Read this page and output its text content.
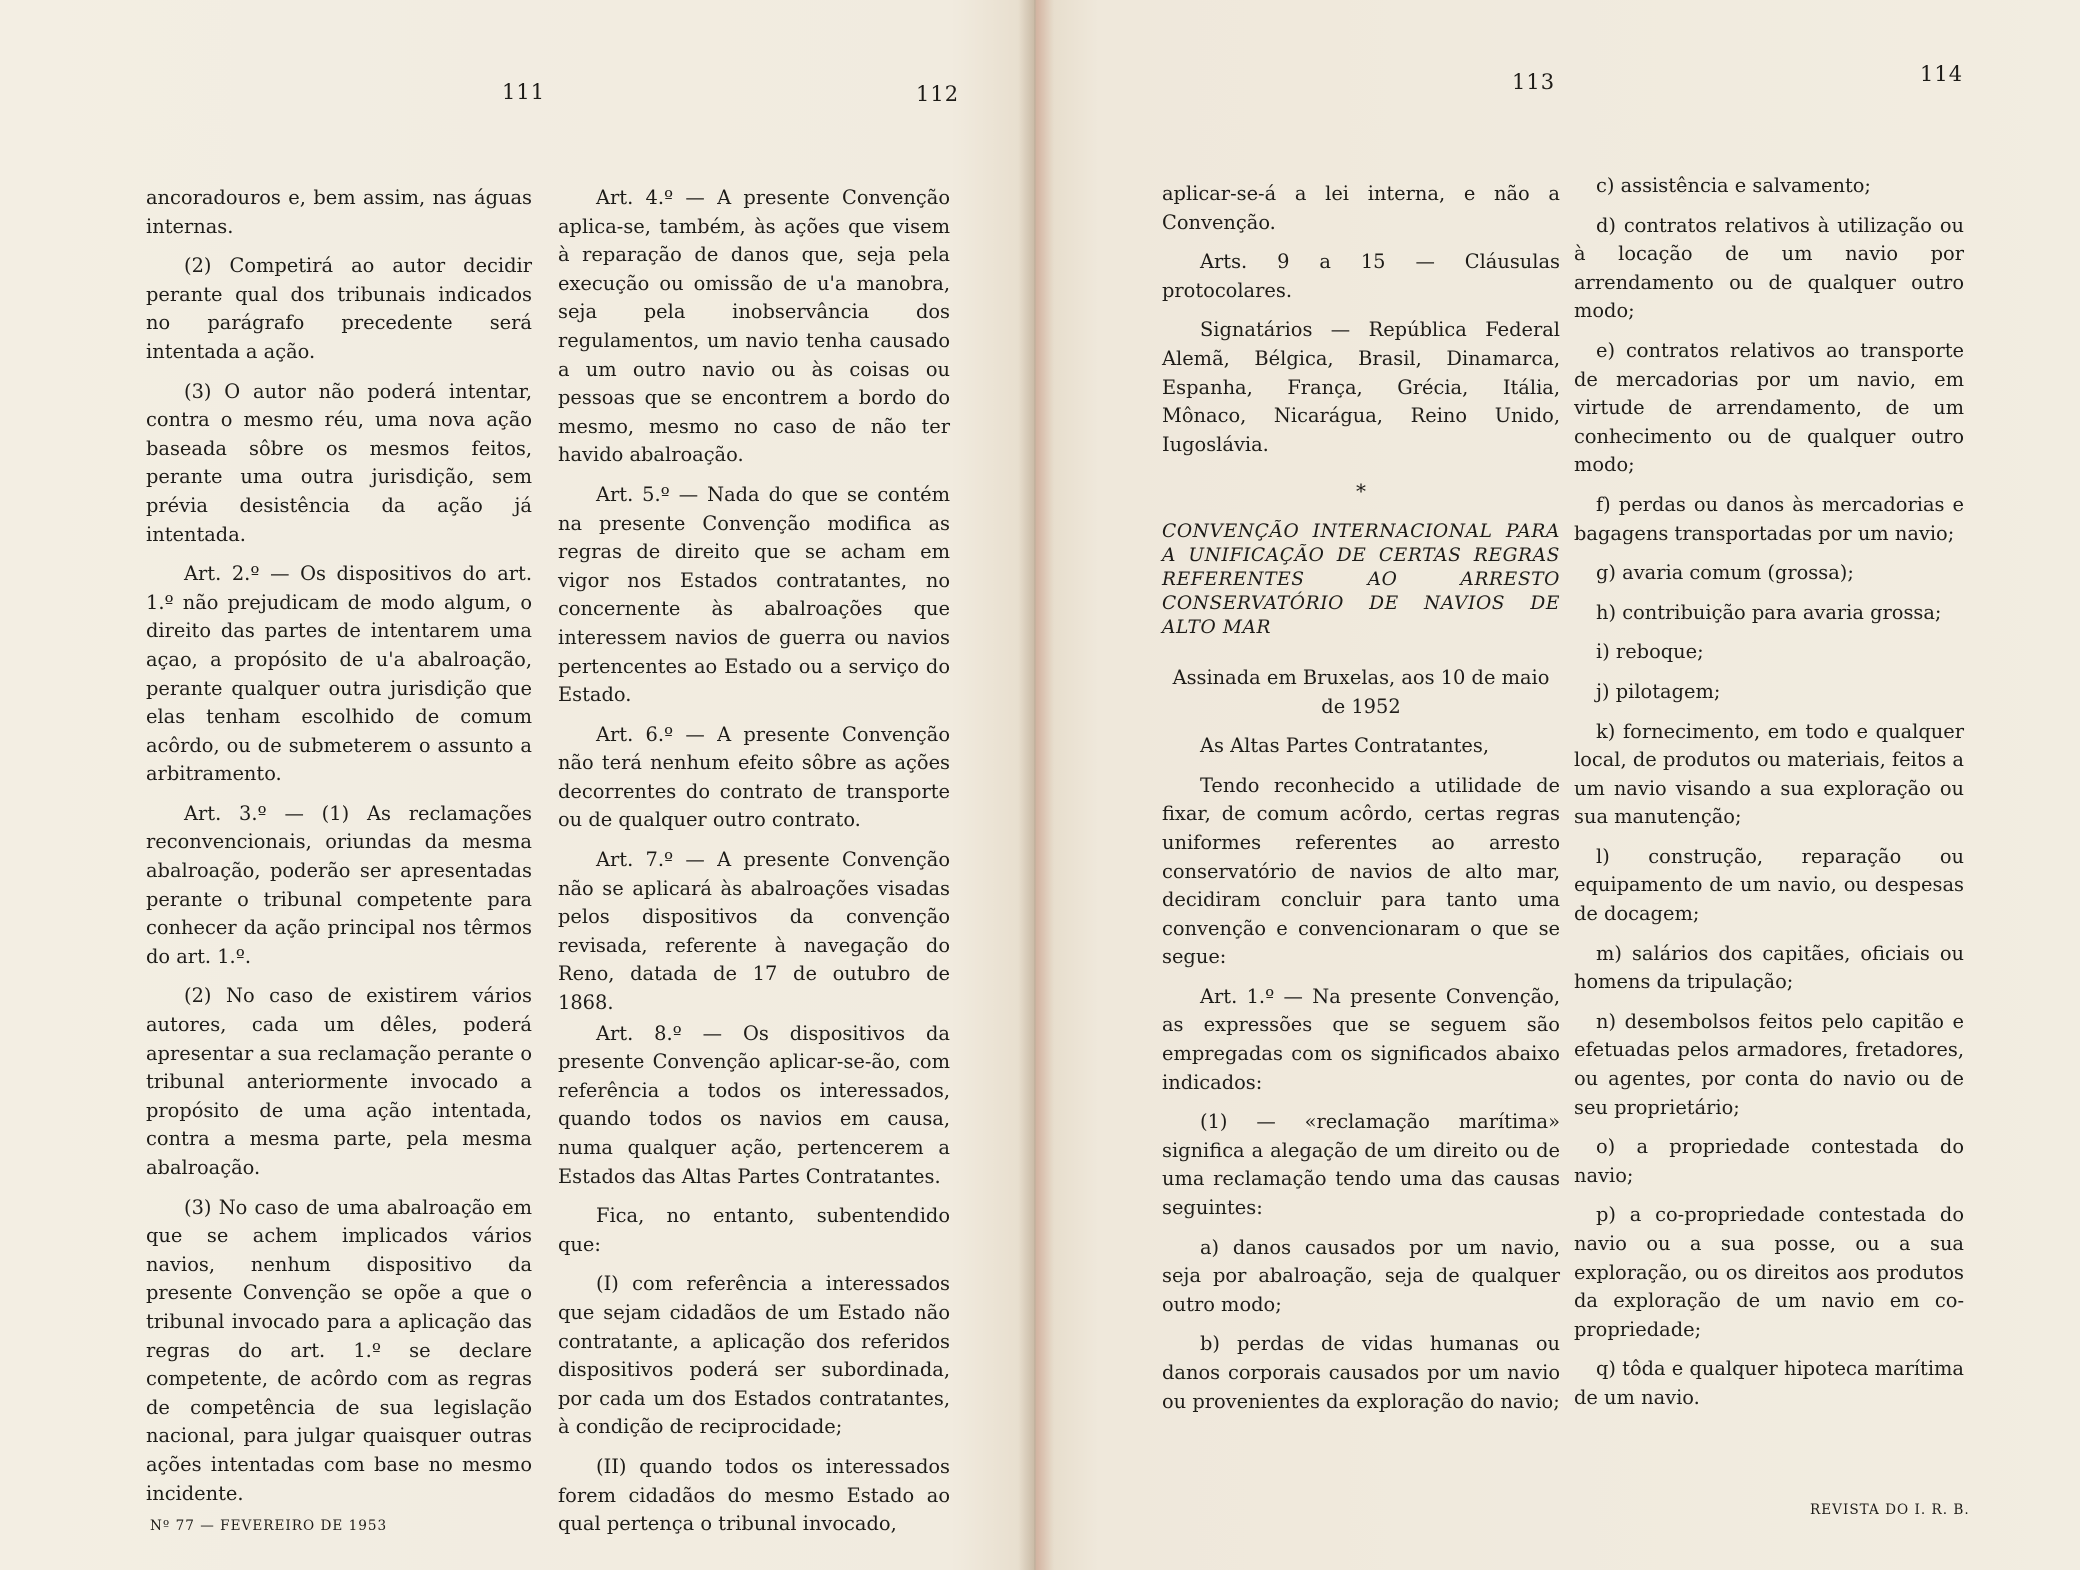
111	112	113	114

ancoradouros e, bem assim, nas águas internas.

(2) Competirá ao autor decidir perante qual dos tribunais indicados no parágrafo precedente será intentada a ação.

(3) O autor não poderá intentar, contra o mesmo réu, uma nova ação baseada sôbre os mesmos feitos, perante uma outra jurisdição, sem prévia desistência da ação já intentada.

Art. 2.º — Os dispositivos do art. 1.º não prejudicam de modo algum, o direito das partes de intentarem uma açao, a propósito de u'a abalroação, perante qualquer outra jurisdição que elas tenham escolhido de comum acôrdo, ou de submeterem o assunto a arbitramento.

Art. 3.º — (1) As reclamações reconvencionais, oriundas da mesma abalroação, poderão ser apresentadas perante o tribunal competente para conhecer da ação principal nos têrmos do art. 1.º.

(2) No caso de existirem vários autores, cada um dêles, poderá apresentar a sua reclamação perante o tribunal anteriormente invocado a propósito de uma ação intentada, contra a mesma parte, pela mesma abalroação.

(3) No caso de uma abalroação em que se achem implicados vários navios, nenhum dispositivo da presente Convenção se opõe a que o tribunal invocado para a aplicação das regras do art. 1.º se declare competente, de acôrdo com as regras de competência de sua legislação nacional, para julgar quaisquer outras ações intentadas com base no mesmo incidente.

Art. 4.º — A presente Convenção aplica-se, também, às ações que visem à reparação de danos que, seja pela execução ou omissão de u'a manobra, seja pela inobservância dos regulamentos, um navio tenha causado a um outro navio ou às coisas ou pessoas que se encontrem a bordo do mesmo, mesmo no caso de não ter havido abalroação.

Art. 5.º — Nada do que se contém na presente Convenção modifica as regras de direito que se acham em vigor nos Estados contratantes, no concernente às abalroações que interessem navios de guerra ou navios pertencentes ao Estado ou a serviço do Estado.

Art. 6.º — A presente Convenção não terá nenhum efeito sôbre as ações decorrentes do contrato de transporte ou de qualquer outro contrato.

Art. 7.º — A presente Convenção não se aplicará às abalroações visadas pelos dispositivos da convenção revisada, referente à navegação do Reno, datada de 17 de outubro de 1868.

Art. 8.º — Os dispositivos da presente Convenção aplicar-se-ão, com referência a todos os interessados, quando todos os navios em causa, numa qualquer ação, pertencerem a Estados das Altas Partes Contratantes.

Fica, no entanto, subentendido que:

(I) com referência a interessados que sejam cidadãos de um Estado não contratante, a aplicação dos referidos dispositivos poderá ser subordinada, por cada um dos Estados contratantes, à condição de reciprocidade;

(II) quando todos os interessados forem cidadãos do mesmo Estado ao qual pertença o tribunal invocado,

aplicar-se-á a lei interna, e não a Convenção.

Arts. 9 a 15 — Cláusulas protocolares.

Signatários — República Federal Alemã, Bélgica, Brasil, Dinamarca, Espanha, França, Grécia, Itália, Mônaco, Nicarágua, Reino Unido, Iugoslávia.

*

CONVENÇÃO INTERNACIONAL PARA A UNIFICAÇÃO DE CERTAS REGRAS REFERENTES AO ARRESTO CONSERVATÓRIO DE NAVIOS DE ALTO MAR

Assinada em Bruxelas, aos 10 de maio de 1952

As Altas Partes Contratantes,

Tendo reconhecido a utilidade de fixar, de comum acôrdo, certas regras uniformes referentes ao arresto conservatório de navios de alto mar, decidiram concluir para tanto uma convenção e convencionaram o que se segue:

Art. 1.º — Na presente Convenção, as expressões que se seguem são empregadas com os significados abaixo indicados:

(1) — «reclamação marítima» significa a alegação de um direito ou de uma reclamação tendo uma das causas seguintes:

a) danos causados por um navio, seja por abalroação, seja de qualquer outro modo;

b) perdas de vidas humanas ou danos corporais causados por um navio ou provenientes da exploração do navio;

c) assistência e salvamento;

d) contratos relativos à utilização ou à locação de um navio por arrendamento ou de qualquer outro modo;

e) contratos relativos ao transporte de mercadorias por um navio, em virtude de arrendamento, de um conhecimento ou de qualquer outro modo;

f) perdas ou danos às mercadorias e bagagens transportadas por um navio;

g) avaria comum (grossa);

h) contribuição para avaria grossa;

i) reboque;

j) pilotagem;

k) fornecimento, em todo e qualquer local, de produtos ou materiais, feitos a um navio visando a sua exploração ou sua manutenção;

l) construção, reparação ou equipamento de um navio, ou despesas de docagem;

m) salários dos capitães, oficiais ou homens da tripulação;

n) desembolsos feitos pelo capitão e efetuadas pelos armadores, fretadores, ou agentes, por conta do navio ou de seu proprietário;

o) a propriedade contestada do navio;

p) a co-propriedade contestada do navio ou a sua posse, ou a sua exploração, ou os direitos aos produtos da exploração de um navio em co-propriedade;

q) tôda e qualquer hipoteca marítima de um navio.

Nº 77 — FEVEREIRO DE 1953
REVISTA DO I. R. B.
